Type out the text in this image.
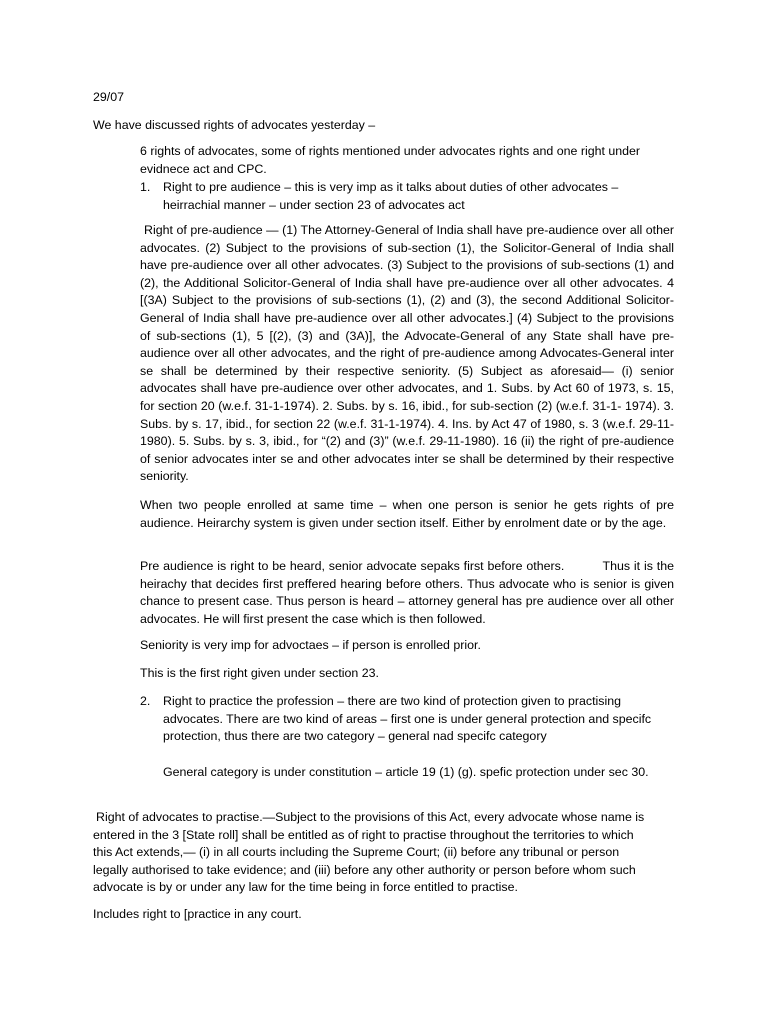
29/07

We have discussed rights of advocates yesterday –

6 rights of advocates, some of rights mentioned under advocates rights and one right under evidnece act and CPC.

1. Right to pre audience – this is very imp as it talks about duties of other advocates – heirrachial manner – under section 23 of advocates act

Right of pre-audience — (1) The Attorney-General of India shall have pre-audience over all other advocates. (2) Subject to the provisions of sub-section (1), the Solicitor-General of India shall have pre-audience over all other advocates. (3) Subject to the provisions of sub-sections (1) and (2), the Additional Solicitor-General of India shall have pre-audience over all other advocates. 4 [(3A) Subject to the provisions of sub-sections (1), (2) and (3), the second Additional Solicitor-General of India shall have pre-audience over all other advocates.] (4) Subject to the provisions of sub-sections (1), 5 [(2), (3) and (3A)], the Advocate-General of any State shall have pre-audience over all other advocates, and the right of pre-audience among Advocates-General inter se shall be determined by their respective seniority. (5) Subject as aforesaid— (i) senior advocates shall have pre-audience over other advocates, and 1. Subs. by Act 60 of 1973, s. 15, for section 20 (w.e.f. 31-1-1974). 2. Subs. by s. 16, ibid., for sub-section (2) (w.e.f. 31-1- 1974). 3. Subs. by s. 17, ibid., for section 22 (w.e.f. 31-1-1974). 4. Ins. by Act 47 of 1980, s. 3 (w.e.f. 29-11-1980). 5. Subs. by s. 3, ibid., for “(2) and (3)” (w.e.f. 29-11-1980). 16 (ii) the right of pre-audience of senior advocates inter se and other advocates inter se shall be determined by their respective seniority.

When two people enrolled at same time – when one person is senior he gets rights of pre audience. Heirarchy system is given under section itself. Either by enrolment date or by the age.

Pre audience is right to be heard, senior advocate sepaks first before others.          Thus it is the heirachy that decides first preffered hearing before others. Thus advocate who is senior is given chance to present case. Thus person is heard – attorney general has pre audience over all other advocates. He will first present the case which is then followed.

Seniority is very imp for advoctaes – if person is enrolled prior.

This is the first right given under section 23.

2. Right to practice the profession – there are two kind of protection given to practising advocates. There are two kind of areas – first one is under general protection and specifc protection, thus there are two category – general nad specifc category

General category is under constitution – article 19 (1) (g). spefic protection under sec 30.

Right of advocates to practise.—Subject to the provisions of this Act, every advocate whose name is entered in the 3 [State roll] shall be entitled as of right to practise throughout the territories to which this Act extends,— (i) in all courts including the Supreme Court; (ii) before any tribunal or person legally authorised to take evidence; and (iii) before any other authority or person before whom such advocate is by or under any law for the time being in force entitled to practise.

Includes right to [practice in any court.
